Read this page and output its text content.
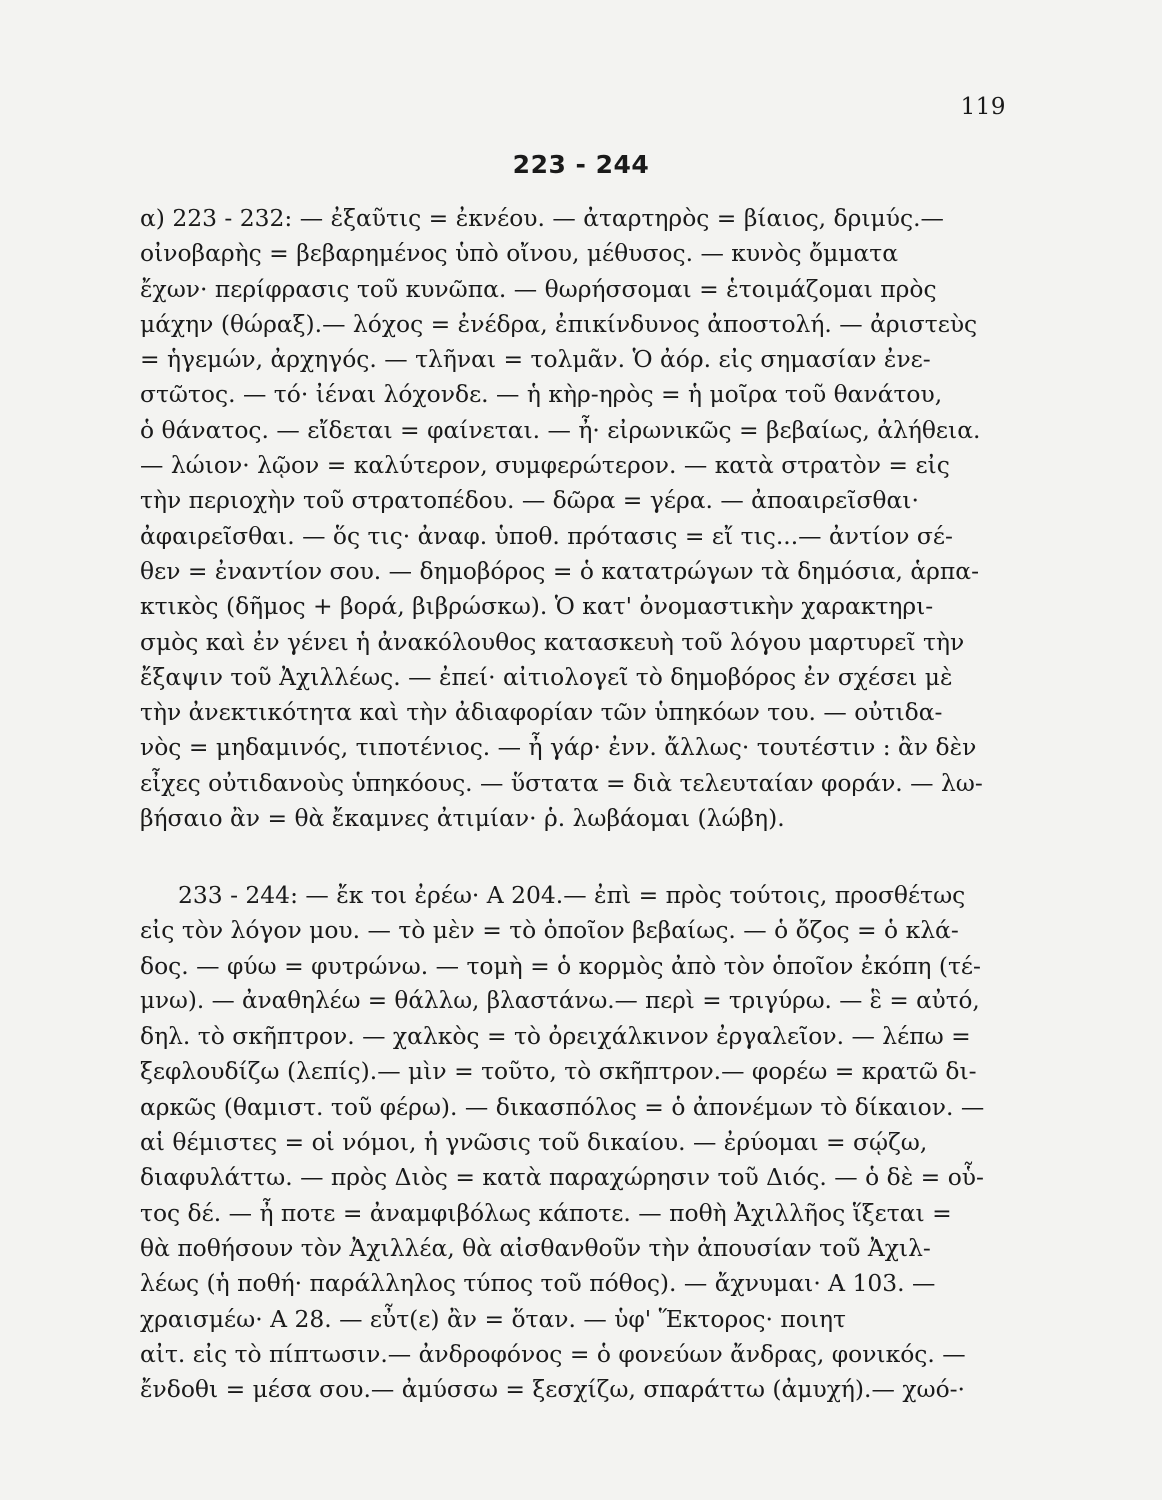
119
223 - 244
α) 223 - 232: — ἐξαῦτις = ἐκνέου. — ἀταρτηρὸς = βίαιος, δριμύς.—
οἰνοβαρὴς = βεβαρημένος ὑπὸ οἴνου, μέθυσος. — κυνὸς ὄμματα
ἔχων· περίφρασις τοῦ κυνῶπα. — θωρήσσομαι = ἑτοιμάζομαι πρὸς
μάχην (θώραξ).— λόχος = ἐνέδρα, ἐπικίνδυνος ἀποστολή. — ἀριστεὺς
= ἡγεμών, ἀρχηγός. — τλῆναι = τολμᾶν. Ὁ ἀόρ. εἰς σημασίαν ἐνε-
στῶτος. — τό· ἰέναι λόχονδε. — ἡ κὴρ-ηρὸς = ἡ μοῖρα τοῦ θανάτου,
ὁ θάνατος. — εἴδεται = φαίνεται. — ἦ· εἰρωνικῶς = βεβαίως, ἀλήθεια.
— λώιον· λῷον = καλύτερον, συμφερώτερον. — κατὰ στρατὸν = εἰς
τὴν περιοχὴν τοῦ στρατοπέδου. — δῶρα = γέρα. — ἀποαιρεῖσθαι·
ἀφαιρεῖσθαι. — ὅς τις· ἀναφ. ὑποθ. πρότασις = εἴ τις...— ἀντίον σέ-
θεν = ἐναντίον σου. — δημοβόρος = ὁ κατατρώγων τὰ δημόσια, ἁρπα-
κτικὸς (δῆμος + βορά, βιβρώσκω). Ὁ κατ' ὀνομαστικὴν χαρακτηρι-
σμὸς καὶ ἐν γένει ἡ ἀνακόλουθος κατασκευὴ τοῦ λόγου μαρτυρεῖ τὴν
ἔξαψιν τοῦ Ἀχιλλέως. — ἐπεί· αἰτιολογεῖ τὸ δημοβόρος ἐν σχέσει μὲ
τὴν ἀνεκτικότητα καὶ τὴν ἀδιαφορίαν τῶν ὑπηκόων του. — οὐτιδα-
νὸς = μηδαμινός, τιποτένιος. — ἦ γάρ· ἐνν. ἄλλως· τουτέστιν : ἂν δὲν
εἶχες οὐτιδανοὺς ὑπηκόους. — ὕστατα = διὰ τελευταίαν φοράν. — λω-
βήσαιο ἂν = θὰ ἔκαμνες ἀτιμίαν· ῥ. λωβάομαι (λώβη).
233 - 244: — ἔκ τοι ἐρέω· Α 204.— ἐπὶ = πρὸς τούτοις, προσθέτως
εἰς τὸν λόγον μου. — τὸ μὲν = τὸ ὁποῖον βεβαίως. — ὁ ὄζος = ὁ κλά-
δος. — φύω = φυτρώνω. — τομὴ = ὁ κορμὸς ἀπὸ τὸν ὁποῖον ἐκόπη (τέ-
μνω). — ἀναθηλέω = θάλλω, βλαστάνω.— περὶ = τριγύρω. — ἓ = αὐτό,
δηλ. τὸ σκῆπτρον. — χαλκὸς = τὸ ὀρειχάλκινον ἐργαλεῖον. — λέπω =
ξεφλουδίζω (λεπίς).— μὶν = τοῦτο, τὸ σκῆπτρον.— φορέω = κρατῶ δι-
αρκῶς (θαμιστ. τοῦ φέρω). — δικασπόλος = ὁ ἀπονέμων τὸ δίκαιον. —
αἱ θέμιστες = οἱ νόμοι, ἡ γνῶσις τοῦ δικαίου. — ἐρύομαι = σῴζω,
διαφυλάττω. — πρὸς Διὸς = κατὰ παραχώρησιν τοῦ Διός. — ὁ δὲ = οὗ-
τος δέ. — ἦ ποτε = ἀναμφιβόλως κάποτε. — ποθὴ Ἀχιλλῆος ἵξεται =
θὰ ποθήσουν τὸν Ἀχιλλέα, θὰ αἰσθανθοῦν τὴν ἀπουσίαν τοῦ Ἀχιλ-
λέως (ἡ ποθή· παράλληλος τύπος τοῦ πόθος). — ἄχνυμαι· Α 103. —
χραισμέω· Α 28. — εὖτ(ε) ἂν = ὅταν. — ὑφ' Ἕκτορος· ποιητ
αἰτ. εἰς τὸ πίπτωσιν.— ἀνδροφόνος = ὁ φονεύων ἄνδρας, φονικός. —
ἔνδοθι = μέσα σου.— ἀμύσσω = ξεσχίζω, σπαράττω (ἀμυχή).— χωό-·
